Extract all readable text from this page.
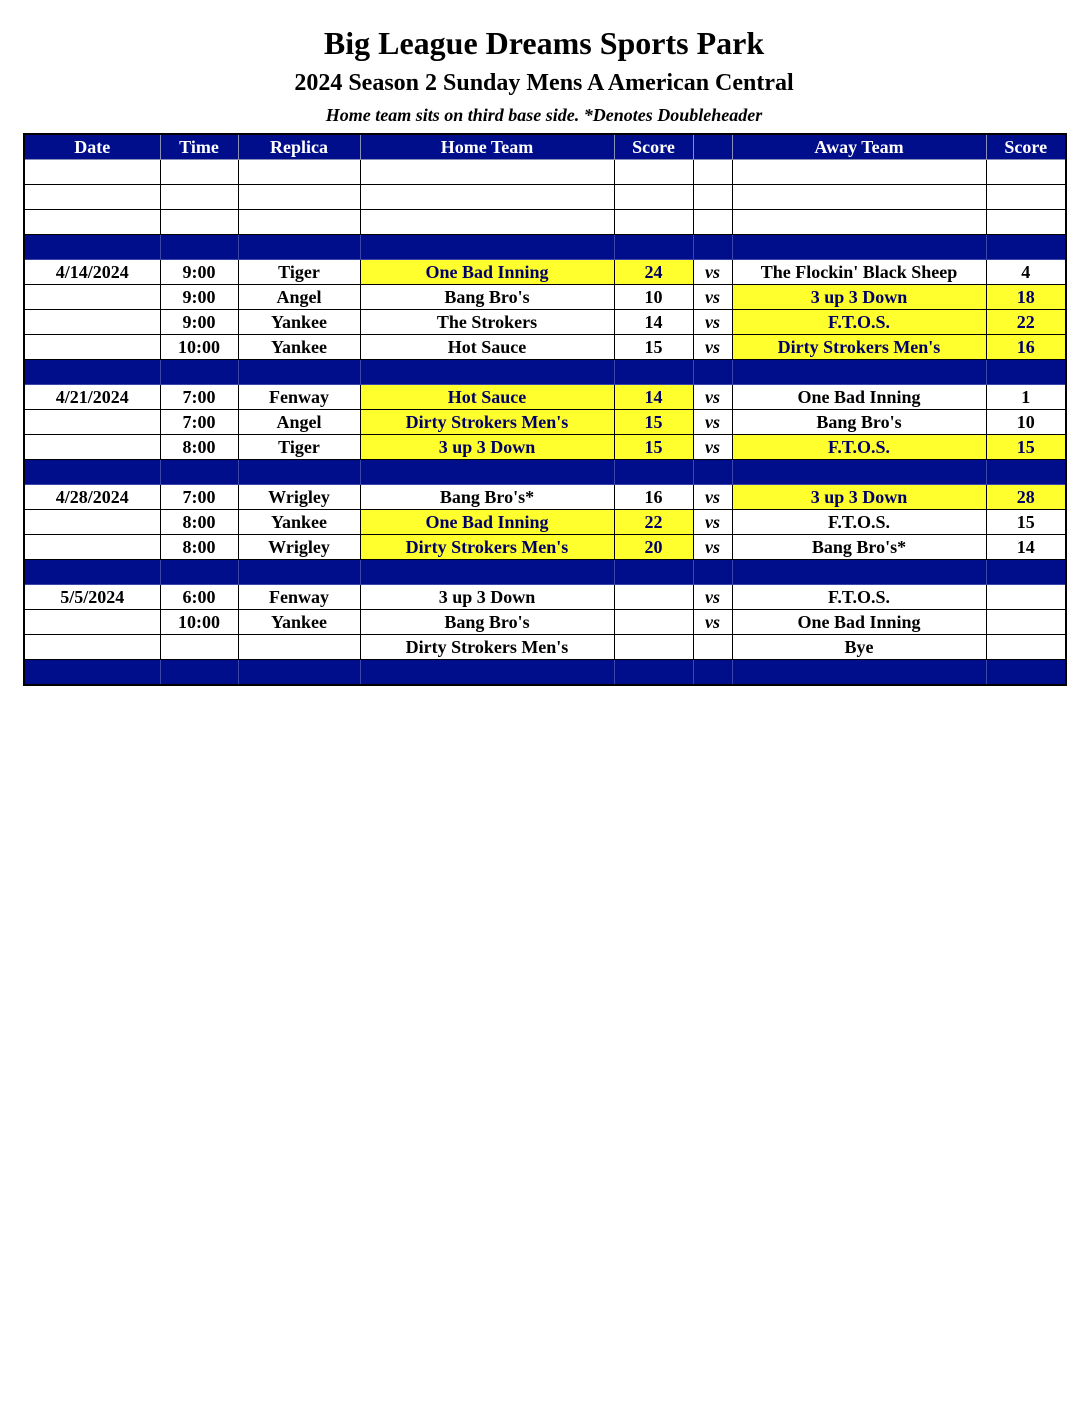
Big League Dreams Sports Park
2024 Season 2 Sunday Mens A American Central
Home team sits on third base side. *Denotes Doubleheader
Date	Time	Replica	Home Team	Score		Away Team	Score

4/14/2024	9:00	Tiger	One Bad Inning	24	vs	The Flockin' Black Sheep	4
	9:00	Angel	Bang Bro's	10	vs	3 up 3 Down	18
	9:00	Yankee	The Strokers	14	vs	F.T.O.S.	22
	10:00	Yankee	Hot Sauce	15	vs	Dirty Strokers Men's	16

4/21/2024	7:00	Fenway	Hot Sauce	14	vs	One Bad Inning	1
	7:00	Angel	Dirty Strokers Men's	15	vs	Bang Bro's	10
	8:00	Tiger	3 up 3 Down	15	vs	F.T.O.S.	15

4/28/2024	7:00	Wrigley	Bang Bro's*	16	vs	3 up 3 Down	28
	8:00	Yankee	One Bad Inning	22	vs	F.T.O.S.	15
	8:00	Wrigley	Dirty Strokers Men's	20	vs	Bang Bro's*	14

5/5/2024	6:00	Fenway	3 up 3 Down		vs	F.T.O.S.	
	10:00	Yankee	Bang Bro's		vs	One Bad Inning	
			Dirty Strokers Men's			Bye	
